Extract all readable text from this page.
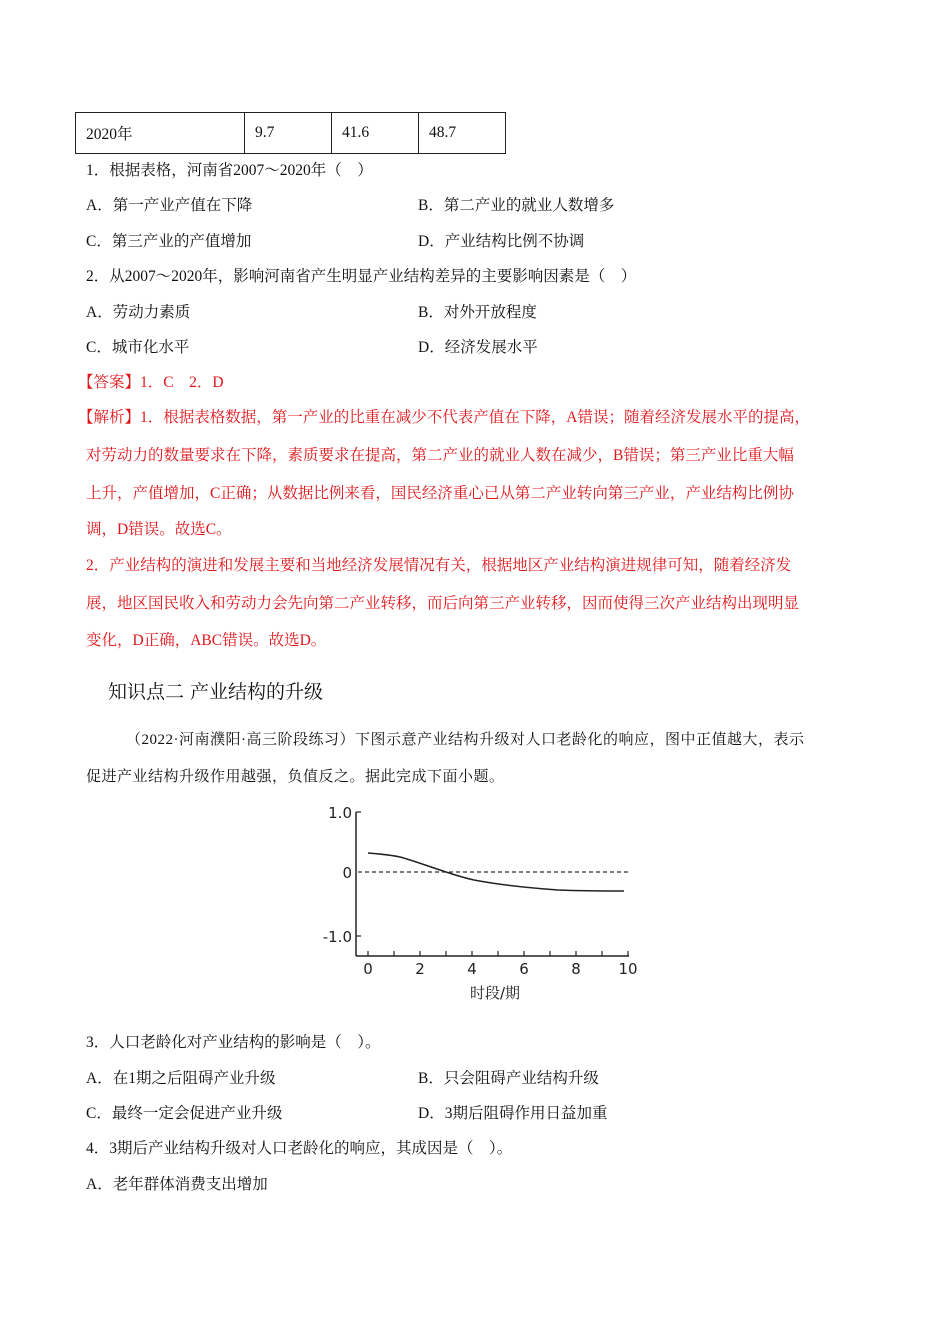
2020年	9.7	41.6	48.7
1．根据表格，河南省2007～2020年（　）
A．第一产业产值在下降	B．第二产业的就业人数增多
C．第三产业的产值增加	D．产业结构比例不协调
2．从2007～2020年，影响河南省产生明显产业结构差异的主要影响因素是（　）
A．劳动力素质	B．对外开放程度
C．城市化水平	D．经济发展水平
【答案】1．C　2．D
【解析】1．根据表格数据，第一产业的比重在减少不代表产值在下降，A错误；随着经济发展水平的提高，
对劳动力的数量要求在下降，素质要求在提高，第二产业的就业人数在减少，B错误；第三产业比重大幅
上升，产值增加，C正确；从数据比例来看，国民经济重心已从第二产业转向第三产业，产业结构比例协
调，D错误。故选C。
2．产业结构的演进和发展主要和当地经济发展情况有关，根据地区产业结构演进规律可知，随着经济发
展，地区国民收入和劳动力会先向第二产业转移，而后向第三产业转移，因而使得三次产业结构出现明显
变化，D正确，ABC错误。故选D。
知识点二 产业结构的升级
（2022·河南濮阳·高三阶段练习）下图示意产业结构升级对人口老龄化的响应，图中正值越大，表示
促进产业结构升级作用越强，负值反之。据此完成下面小题。
1.0
0
-1.0
0	2	4	6	8	10
时段/期
3．人口老龄化对产业结构的影响是（　）。
A．在1期之后阻碍产业升级	B．只会阻碍产业结构升级
C．最终一定会促进产业升级	D．3期后阻碍作用日益加重
4．3期后产业结构升级对人口老龄化的响应，其成因是（　）。
A．老年群体消费支出增加
